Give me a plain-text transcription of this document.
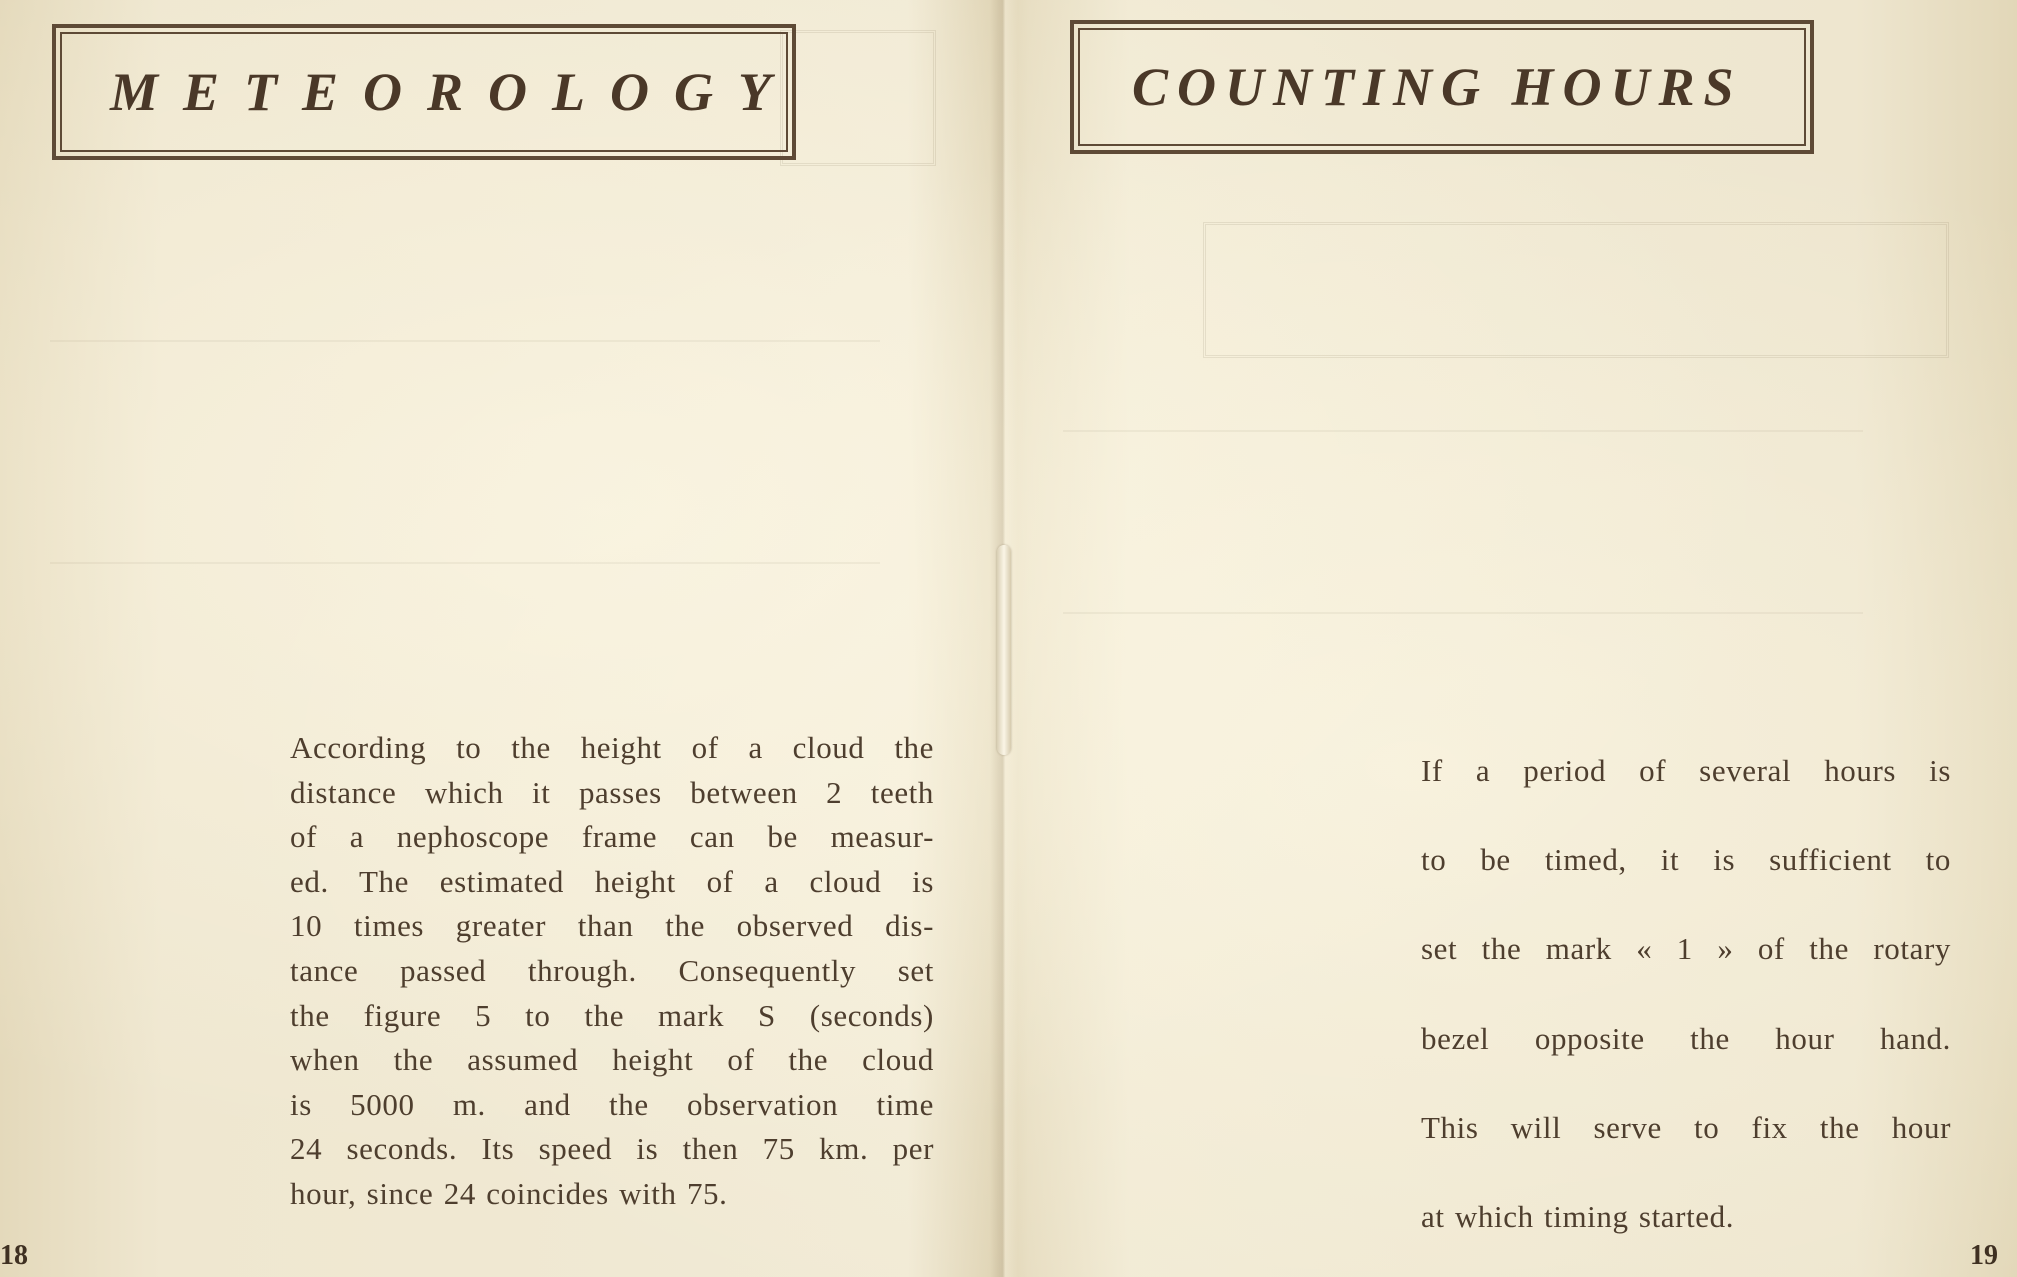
METEOROLOGY
According to the height of a cloud the
distance which it passes between 2 teeth
of a nephoscope frame can be measur-
ed. The estimated height of a cloud is
10 times greater than the observed dis-
tance passed through. Consequently set
the figure 5 to the mark S (seconds)
when the assumed height of the cloud
is 5000 m. and the observation time
24 seconds. Its speed is then 75 km. per
hour, since 24 coincides with 75.
18
COUNTING HOURS
If a period of several hours is
to be timed, it is sufficient to
set the mark « 1 » of the rotary
bezel opposite the hour hand.
This will serve to fix the hour
at which timing started.
19
